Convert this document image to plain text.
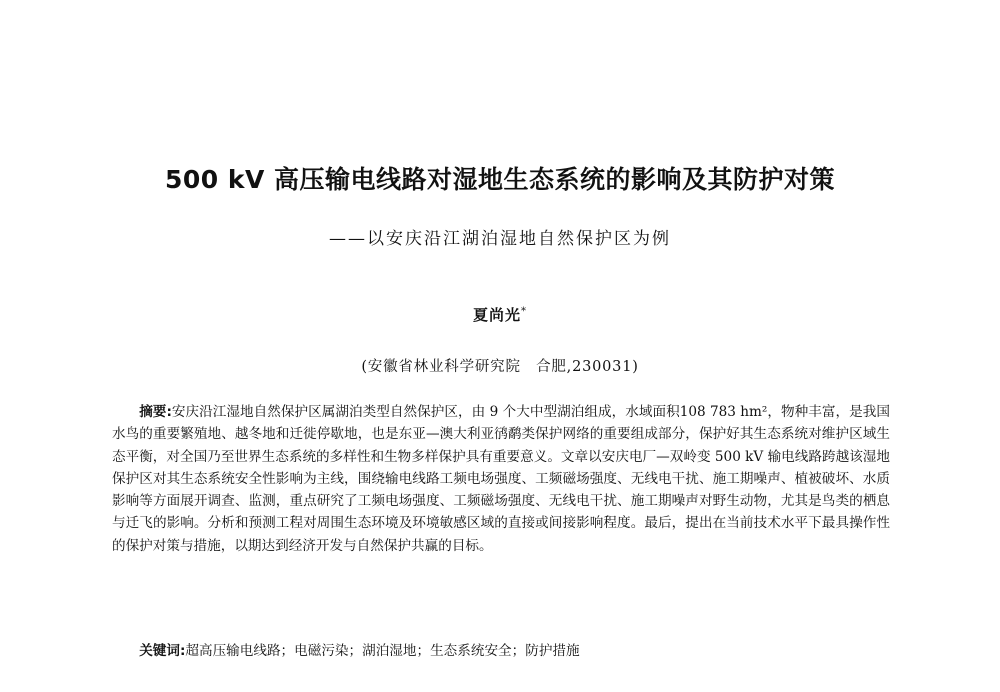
500 kV 高压输电线路对湿地生态系统的影响及其防护对策
——以安庆沿江湖泊湿地自然保护区为例
夏尚光*
(安徽省林业科学研究院　合肥,230031)

摘要:安庆沿江湿地自然保护区属湖泊类型自然保护区，由 9 个大中型湖泊组成，水域面积108 783 hm²，物种丰富，是我国水鸟的重要繁殖地、越冬地和迁徙停歇地，也是东亚—澳大利亚鸻鹬类保护网络的重要组成部分，保护好其生态系统对维护区域生态平衡，对全国乃至世界生态系统的多样性和生物多样保护具有重要意义。文章以安庆电厂—双岭变 500 kV 输电线路跨越该湿地保护区对其生态系统安全性影响为主线，围绕输电线路工频电场强度、工频磁场强度、无线电干扰、施工期噪声、植被破坏、水质影响等方面展开调查、监测，重点研究了工频电场强度、工频磁场强度、无线电干扰、施工期噪声对野生动物，尤其是鸟类的栖息与迁飞的影响。分析和预测工程对周围生态环境及环境敏感区域的直接或间接影响程度。最后，提出在当前技术水平下最具操作性的保护对策与措施，以期达到经济开发与自然保护共赢的目标。

关键词:超高压输电线路；电磁污染；湖泊湿地；生态系统安全；防护措施
